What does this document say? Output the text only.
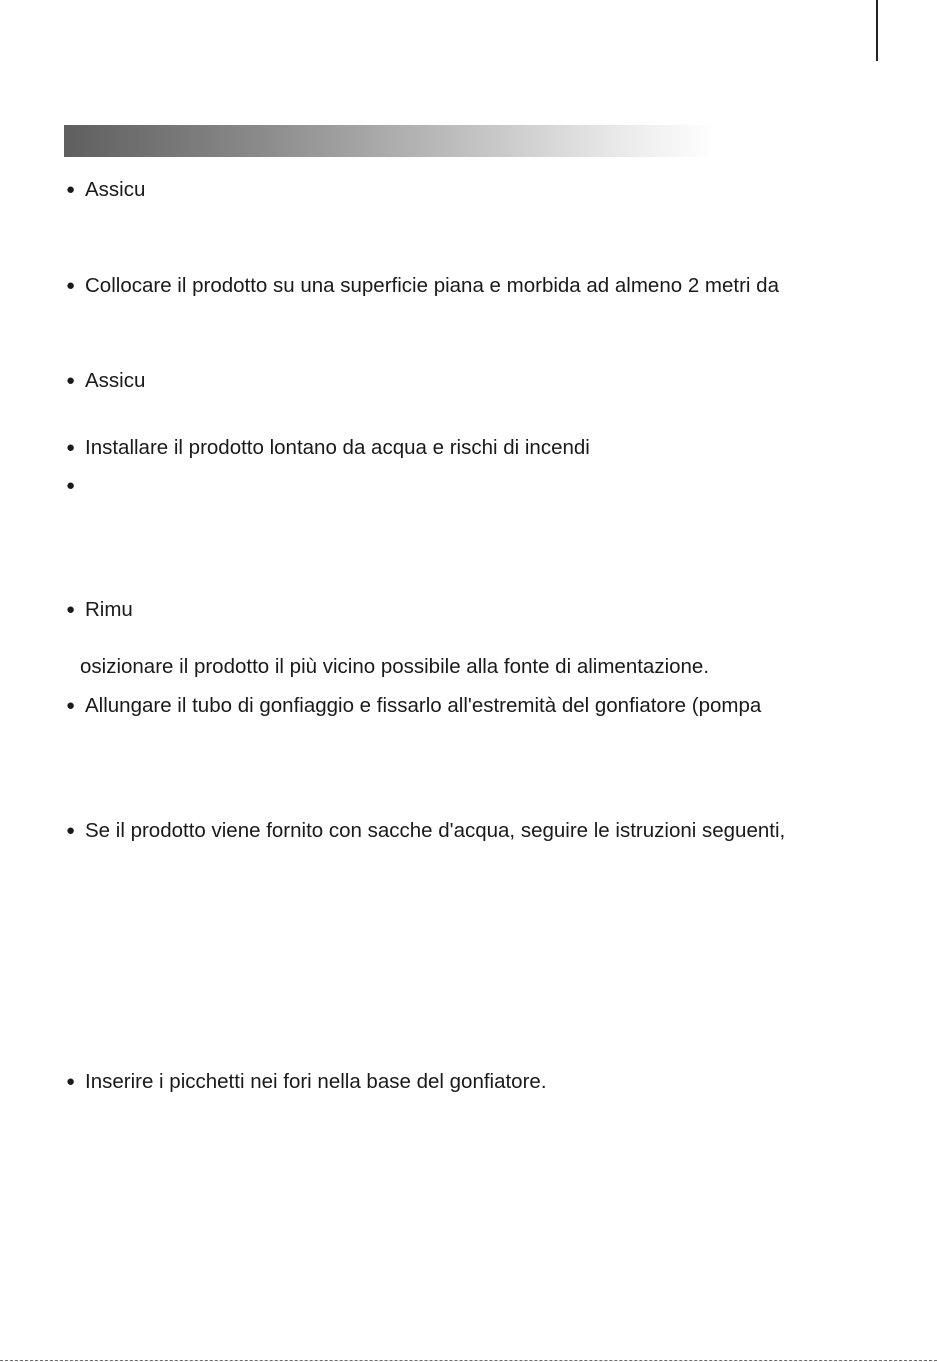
● Assicu
● Collocare il prodotto su una superficie piana e morbida ad almeno 2 metri da
● Assicu
● Installare il prodotto lontano da acqua e rischi di incendi
●
● Rimu
osizionare il prodotto il più vicino possibile alla fonte di alimentazione.
● Allungare il tubo di gonfiaggio e fissarlo all'estremità del gonfiatore (pompa
● Se il prodotto viene fornito con sacche d'acqua, seguire le istruzioni seguenti,
● Inserire i picchetti nei fori nella base del gonfiatore.
